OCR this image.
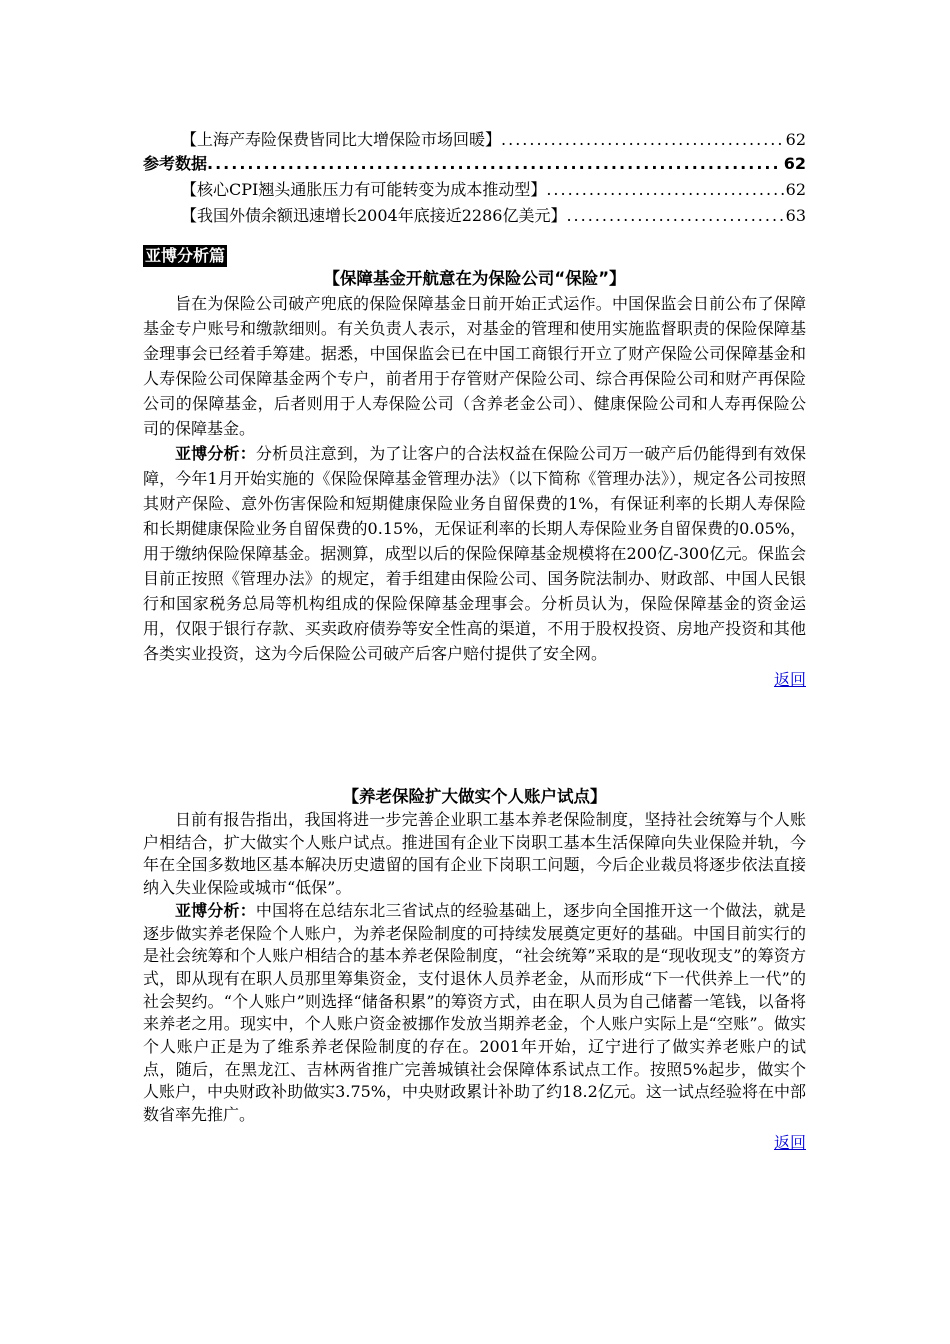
【上海产寿险保费皆同比大增保险市场回暖】 .....	62
参考数据 .....	62
【核心CPI翘头通胀压力有可能转变为成本推动型】 .....	62
【我国外债余额迅速增长2004年底接近2286亿美元】 .....	63
亚博分析篇
【保障基金开航意在为保险公司“保险”】

旨在为保险公司破产兜底的保险保障基金日前开始正式运作。中国保监会日前公布了保障基金专户账号和缴款细则。有关负责人表示，对基金的管理和使用实施监督职责的保险保障基金理事会已经着手筹建。据悉，中国保监会已在中国工商银行开立了财产保险公司保障基金和人寿保险公司保障基金两个专户，前者用于存管财产保险公司、综合再保险公司和财产再保险公司的保障基金，后者则用于人寿保险公司（含养老金公司）、健康保险公司和人寿再保险公司的保障基金。

亚博分析：分析员注意到，为了让客户的合法权益在保险公司万一破产后仍能得到有效保障，今年1月开始实施的《保险保障基金管理办法》（以下简称《管理办法》），规定各公司按照其财产保险、意外伤害保险和短期健康保险业务自留保费的1%，有保证利率的长期人寿保险和长期健康保险业务自留保费的0.15%，无保证利率的长期人寿保险业务自留保费的0.05%，用于缴纳保险保障基金。据测算，成型以后的保险保障基金规模将在200亿-300亿元。保监会目前正按照《管理办法》的规定，着手组建由保险公司、国务院法制办、财政部、中国人民银行和国家税务总局等机构组成的保险保障基金理事会。分析员认为，保险保障基金的资金运用，仅限于银行存款、买卖政府债券等安全性高的渠道，不用于股权投资、房地产投资和其他各类实业投资，这为今后保险公司破产后客户赔付提供了安全网。

返回
【养老保险扩大做实个人账户试点】

日前有报告指出，我国将进一步完善企业职工基本养老保险制度，坚持社会统筹与个人账户相结合，扩大做实个人账户试点。推进国有企业下岗职工基本生活保障向失业保险并轨，今年在全国多数地区基本解决历史遗留的国有企业下岗职工问题，今后企业裁员将逐步依法直接纳入失业保险或城市“低保”。

亚博分析：中国将在总结东北三省试点的经验基础上，逐步向全国推开这一个做法，就是逐步做实养老保险个人账户，为养老保险制度的可持续发展奠定更好的基础。中国目前实行的是社会统筹和个人账户相结合的基本养老保险制度，“社会统筹”采取的是“现收现支”的筹资方式，即从现有在职人员那里筹集资金，支付退休人员养老金，从而形成“下一代供养上一代”的社会契约。“个人账户”则选择“储备积累”的筹资方式，由在职人员为自己储蓄一笔钱，以备将来养老之用。现实中，个人账户资金被挪作发放当期养老金，个人账户实际上是“空账”。做实个人账户正是为了维系养老保险制度的存在。2001年开始，辽宁进行了做实养老账户的试点，随后，在黑龙江、吉林两省推广完善城镇社会保障体系试点工作。按照5%起步，做实个人账户，中央财政补助做实3.75%，中央财政累计补助了约18.2亿元。这一试点经验将在中部数省率先推广。

返回
